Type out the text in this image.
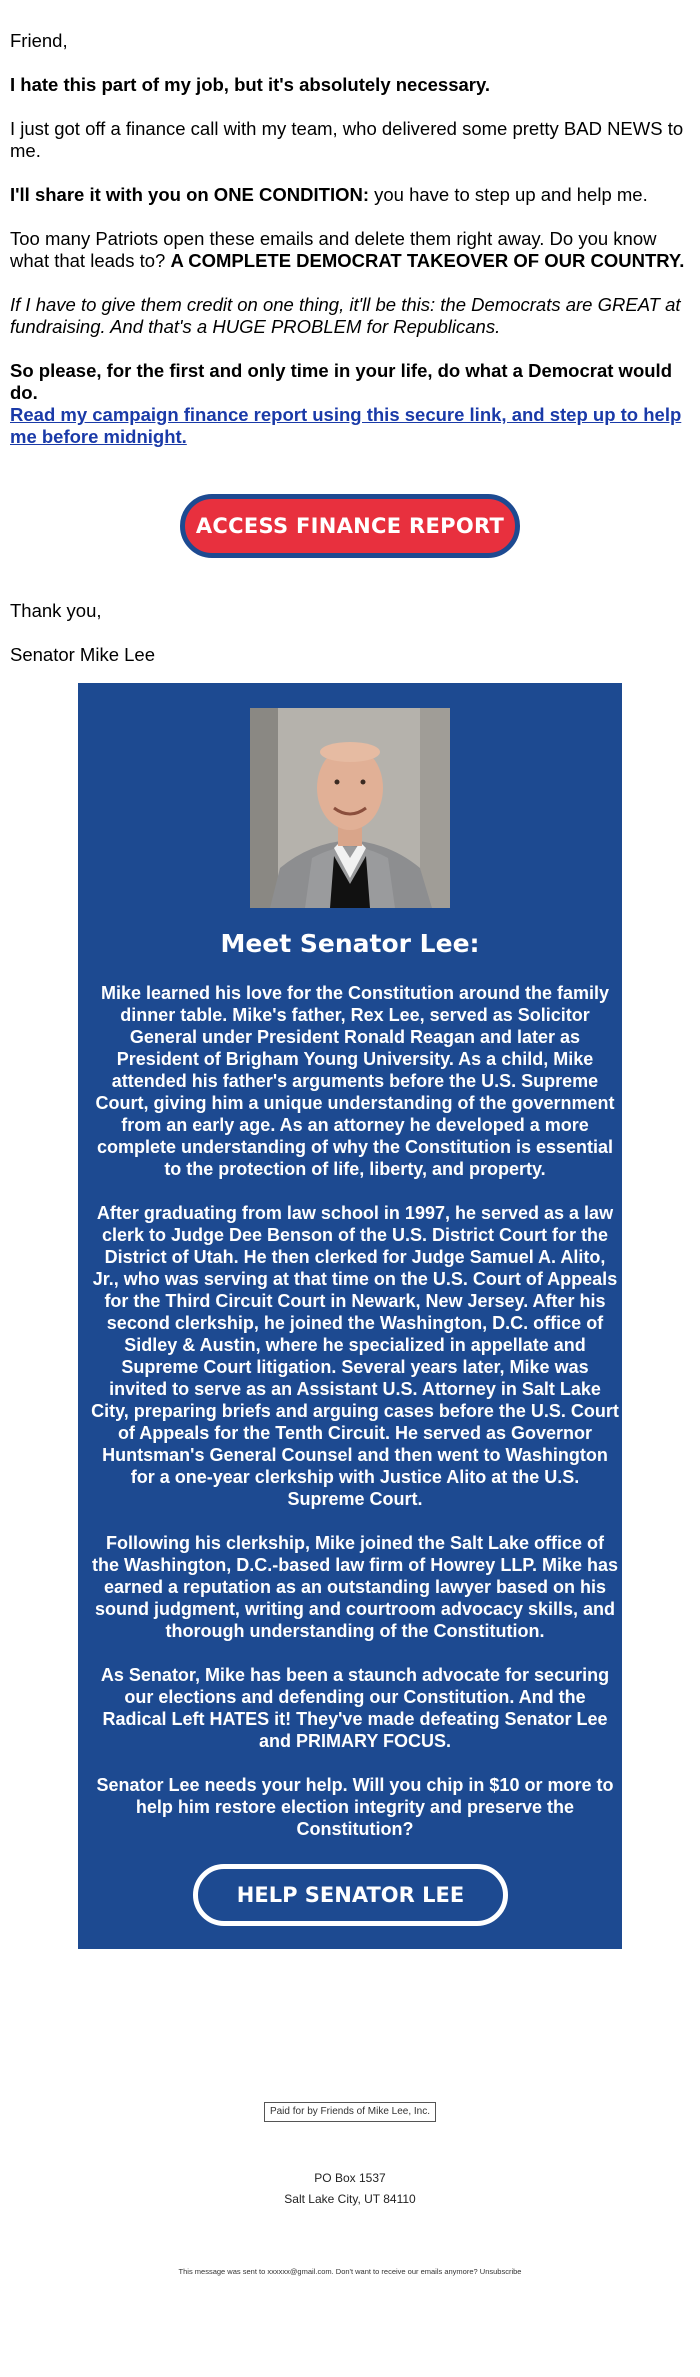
Friend,

I hate this part of my job, but it's absolutely necessary.

I just got off a finance call with my team, who delivered some pretty BAD NEWS to me.

I'll share it with you on ONE CONDITION: you have to step up and help me.

Too many Patriots open these emails and delete them right away. Do you know what that leads to? A COMPLETE DEMOCRAT TAKEOVER OF OUR COUNTRY.

If I have to give them credit on one thing, it'll be this: the Democrats are GREAT at fundraising. And that's a HUGE PROBLEM for Republicans.

So please, for the first and only time in your life, do what a Democrat would do.

Read my campaign finance report using this secure link, and step up to help me before midnight.

ACCESS FINANCE REPORT

Thank you,

Senator Mike Lee

Meet Senator Lee:

Mike learned his love for the Constitution around the family dinner table. Mike's father, Rex Lee, served as Solicitor General under President Ronald Reagan and later as President of Brigham Young University. As a child, Mike attended his father's arguments before the U.S. Supreme Court, giving him a unique understanding of the government from an early age. As an attorney he developed a more complete understanding of why the Constitution is essential to the protection of life, liberty, and property.

After graduating from law school in 1997, he served as a law clerk to Judge Dee Benson of the U.S. District Court for the District of Utah. He then clerked for Judge Samuel A. Alito, Jr., who was serving at that time on the U.S. Court of Appeals for the Third Circuit Court in Newark, New Jersey. After his second clerkship, he joined the Washington, D.C. office of Sidley & Austin, where he specialized in appellate and Supreme Court litigation. Several years later, Mike was invited to serve as an Assistant U.S. Attorney in Salt Lake City, preparing briefs and arguing cases before the U.S. Court of Appeals for the Tenth Circuit. He served as Governor Huntsman's General Counsel and then went to Washington for a one-year clerkship with Justice Alito at the U.S. Supreme Court.

Following his clerkship, Mike joined the Salt Lake office of the Washington, D.C.-based law firm of Howrey LLP. Mike has earned a reputation as an outstanding lawyer based on his sound judgment, writing and courtroom advocacy skills, and thorough understanding of the Constitution.

As Senator, Mike has been a staunch advocate for securing our elections and defending our Constitution. And the Radical Left HATES it! They've made defeating Senator Lee and PRIMARY FOCUS.

Senator Lee needs your help. Will you chip in $10 or more to help him restore election integrity and preserve the Constitution?

HELP SENATOR LEE
Paid for by Friends of Mike Lee, Inc.
PO Box 1537
Salt Lake City, UT 84110
This message was sent to xxxxxx@gmail.com. Don't want to receive our emails anymore? Unsubscribe
